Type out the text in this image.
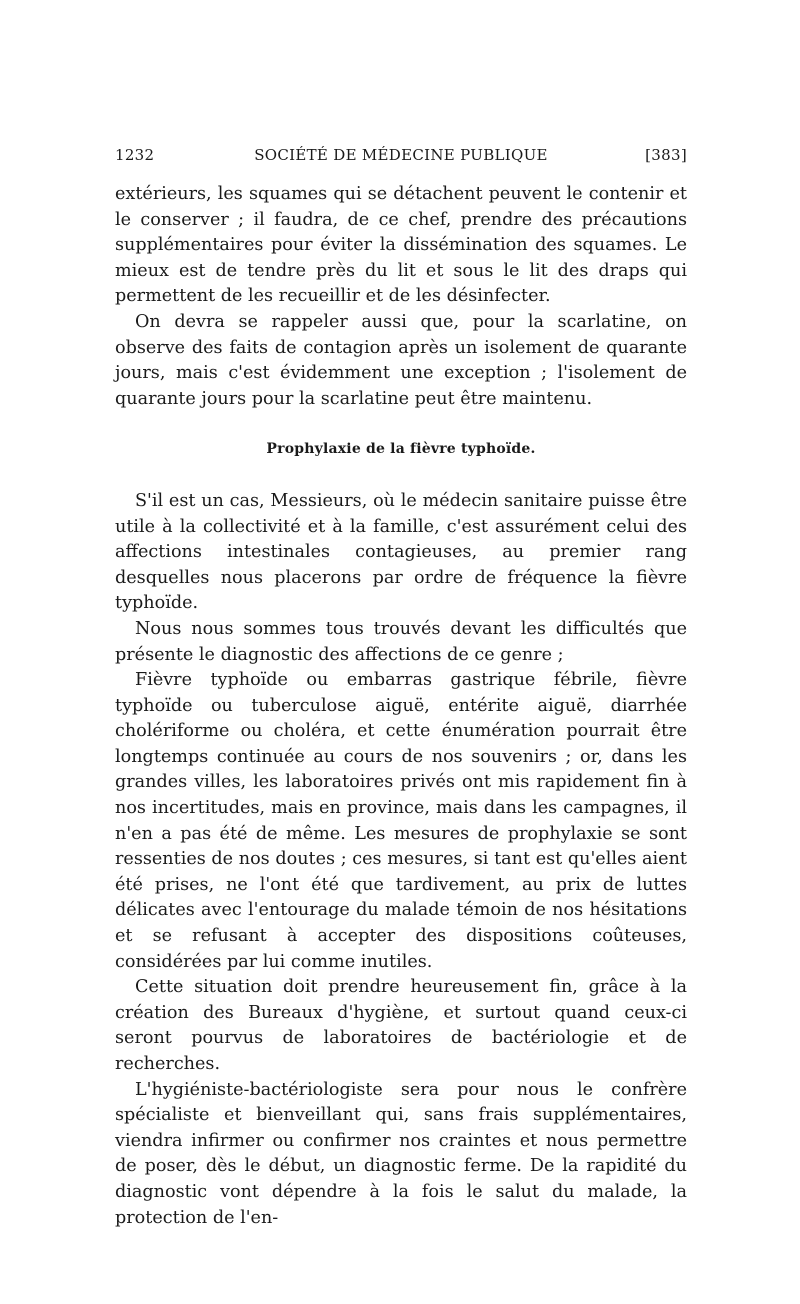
1232	SOCIÉTÉ DE MÉDECINE PUBLIQUE	[383]

extérieurs, les squames qui se détachent peuvent le contenir et le conserver ; il faudra, de ce chef, prendre des précautions supplémentaires pour éviter la dissémination des squames. Le mieux est de tendre près du lit et sous le lit des draps qui permettent de les recueillir et de les désinfecter.

On devra se rappeler aussi que, pour la scarlatine, on observe des faits de contagion après un isolement de quarante jours, mais c'est évidemment une exception ; l'isolement de quarante jours pour la scarlatine peut être maintenu.

Prophylaxie de la fièvre typhoïde.

S'il est un cas, Messieurs, où le médecin sanitaire puisse être utile à la collectivité et à la famille, c'est assurément celui des affections intestinales contagieuses, au premier rang desquelles nous placerons par ordre de fréquence la fièvre typhoïde.

Nous nous sommes tous trouvés devant les difficultés que présente le diagnostic des affections de ce genre ;

Fièvre typhoïde ou embarras gastrique fébrile, fièvre typhoïde ou tuberculose aiguë, entérite aiguë, diarrhée cholériforme ou choléra, et cette énumération pourrait être longtemps continuée au cours de nos souvenirs ; or, dans les grandes villes, les laboratoires privés ont mis rapidement fin à nos incertitudes, mais en province, mais dans les campagnes, il n'en a pas été de même. Les mesures de prophylaxie se sont ressenties de nos doutes ; ces mesures, si tant est qu'elles aient été prises, ne l'ont été que tardivement, au prix de luttes délicates avec l'entourage du malade témoin de nos hésitations et se refusant à accepter des dispositions coûteuses, considérées par lui comme inutiles.

Cette situation doit prendre heureusement fin, grâce à la création des Bureaux d'hygiène, et surtout quand ceux-ci seront pourvus de laboratoires de bactériologie et de recherches.

L'hygiéniste-bactériologiste sera pour nous le confrère spécialiste et bienveillant qui, sans frais supplémentaires, viendra infirmer ou confirmer nos craintes et nous permettre de poser, dès le début, un diagnostic ferme. De la rapidité du diagnostic vont dépendre à la fois le salut du malade, la protection de l'en-
